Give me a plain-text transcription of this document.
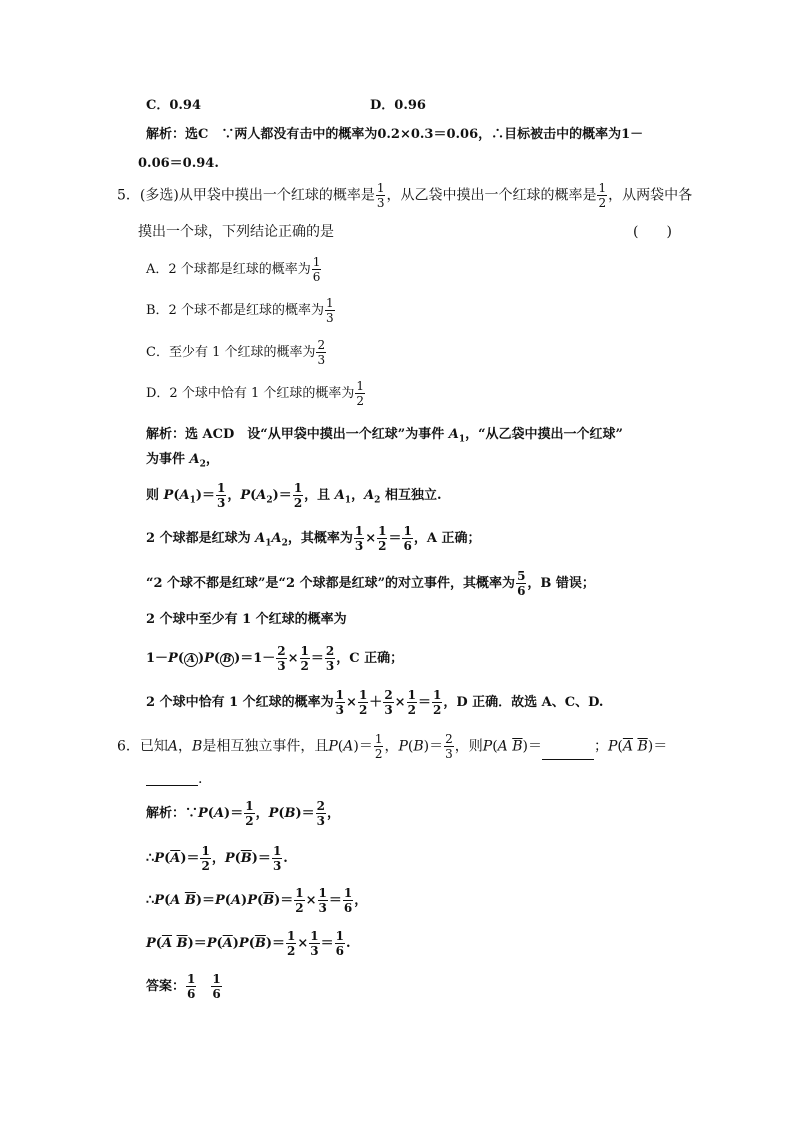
C．0.94	D．0.96
解析：选C　∵两人都没有击中的概率为0.2×0.3＝0.06，∴目标被击中的概率为1－
0.06＝0.94.
5．(多选)从甲袋中摸出一个红球的概率是 $\frac{1}{3}$ ，从乙袋中摸出一个红球的概率是 $\frac{1}{2}$ ，从两袋中各
摸出一个球，下列结论正确的是	(　　)
A．2 个球都是红球的概率为 $\frac{1}{6}$
B．2 个球不都是红球的概率为 $\frac{1}{3}$
C．至少有 1 个红球的概率为 $\frac{2}{3}$
D．2 个球中恰有 1 个红球的概率为 $\frac{1}{2}$
解析：选 ACD　设“从甲袋中摸出一个红球”为事件 $A_1$，“从乙袋中摸出一个红球”
为事件 $A_2$，
则 $P(A_1)= \frac{1}{3}$ ，$P(A_2)= \frac{1}{2}$ ，且 $A_1$，$A_2$ 相互独立.
2 个球都是红球为 $A_1A_2$，其概率为 $\frac{1}{3} \times \frac{1}{2} = \frac{1}{6}$ ，A 正确；
“2 个球不都是红球”是“2 个球都是红球”的对立事件，其概率为 $\frac{5}{6}$ ，B 错误；
2 个球中至少有 1 个红球的概率为
1－P( A )P( B )$=1- \frac{2}{3} \times \frac{1}{2} = \frac{2}{3}$ ，C 正确；
2 个球中恰有 1 个红球的概率为 $\frac{1}{3} \times \frac{1}{2} + \frac{2}{3} \times \frac{1}{2} = \frac{1}{2}$ ，D 正确．故选 A、C、D.
6．已知A，B是相互独立事件，且$P(A)= \frac{1}{2}$ ，$P(B)= \frac{2}{3}$ ，则P(A $\overline{B})=$	；$P(\overline{A}$ $\overline{B})=$
.
解析：∵P(A)＝ $\frac{1}{2}$ ，$P(B)= \frac{2}{3}$ ，
$\therefore P(\overline{A})= \frac{1}{2}$ ，$P(\overline{B})= \frac{1}{3}$ .
∴P(A $\overline{B})=P(A)P(\overline{B})= \frac{1}{2} \times \frac{1}{3} = \frac{1}{6}$ ，
$P(\overline{A}$ $\overline{B})=P(\overline{A})P(\overline{B})= \frac{1}{2} \times \frac{1}{3} = \frac{1}{6}$ .
答案： $\frac{1}{6}$
　 $\frac{1}{6}$
